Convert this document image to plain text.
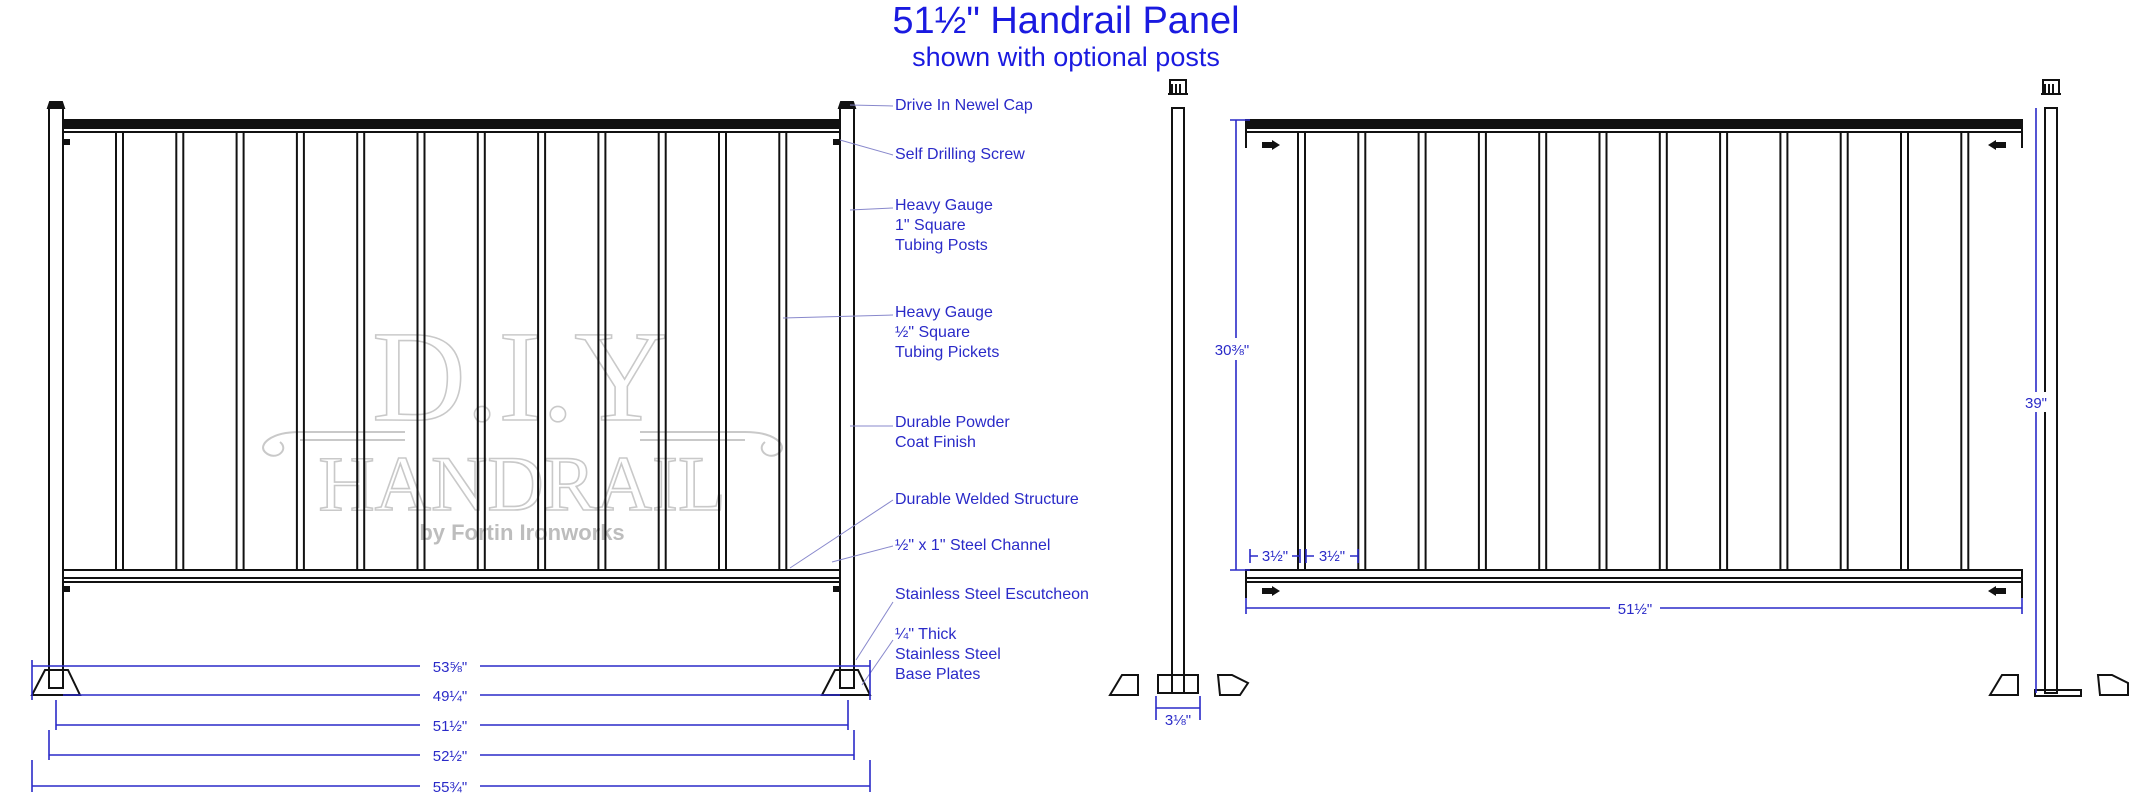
51½" Handrail Panel
shown with optional posts
D.I.Y
HANDRAIL
by Fortin Ironworks
53⅝"
49¼"
51½"
52½"
55¾"
30⅜"
39"
3½" 3½"
51½"
3⅛"
Drive In Newel Cap
Self Drilling Screw
Heavy Gauge
1" Square
Tubing Posts
Heavy Gauge
½" Square
Tubing Pickets
Durable Powder
Coat Finish
Durable Welded Structure
½" x 1" Steel Channel
Stainless Steel Escutcheon
¼" Thick
Stainless Steel
Base Plates
